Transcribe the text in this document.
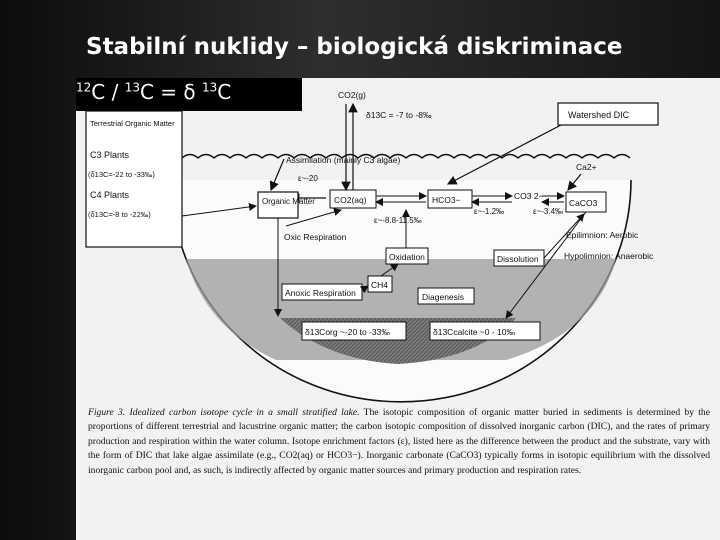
Stabilní nuklidy – biologická diskriminace
Terrestrial Organic Matter
C3 Plants
(δ13C=-22 to -33‰)
C4 Plants
(δ13C=-8 to -22‰)
CO2(g)
δ13C = -7 to -8‰	Watershed DIC
Assimilation (mainly C3 algae)
Ca2+
ε~-20
Organic Matter CO2(aq)	HCO3−	CO3 2−
CaCO3
ε~-8.8-11.5‰
ε~-1.2‰	ε~-3.4‰
Oxic Respiration	Epilimnion: Aerobic
Oxidation	Dissolution	Hypolimnion: Anaerobic
CH4
Anoxic Respiration	Diagenesis
δ13Corg ~-20 to -33‰	δ13Ccalcite ~0 - 10‰
$^{12}$C / $^{13}$C = δ $^{13}$C
Figure 3. Idealized carbon isotope cycle in a small stratified lake. The isotopic composition of organic matter buried in sediments is determined by the proportions of different terrestrial and lacustrine organic matter; the carbon isotopic composition of dissolved inorganic carbon (DIC), and the rates of primary production and respiration within the water column. Isotope enrichment factors (ε), listed here as the difference between the product and the substrate, vary with the form of DIC that lake algae assimilate (e.g., CO2(aq) or HCO3−). Inorganic carbonate (CaCO3) typically forms in isotopic equilibrium with the dissolved inorganic carbon pool and, as such, is indirectly affected by organic matter sources and primary production and respiration rates.
